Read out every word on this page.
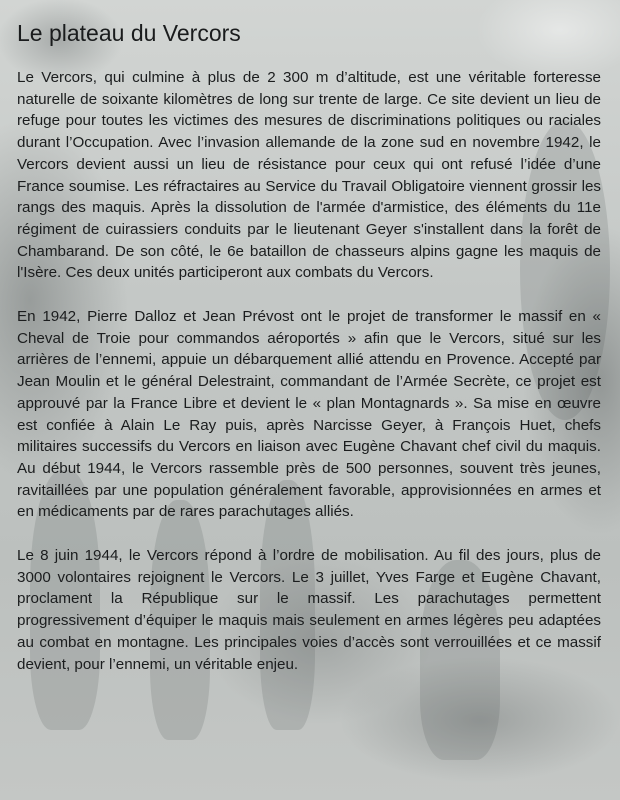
Le plateau du Vercors

Le Vercors, qui culmine à plus de 2 300 m d’altitude, est une véritable forteresse naturelle de soixante kilomètres de long sur trente de large. Ce site devient un lieu de refuge pour toutes les victimes des mesures de discriminations politiques ou raciales durant l’Occupation. Avec l’invasion allemande de la zone sud en novembre 1942, le Vercors devient aussi un lieu de résistance pour ceux qui ont refusé l’idée d’une France soumise. Les réfractaires au Service du Travail Obligatoire viennent grossir les rangs des maquis. Après la dissolution de l'armée d'armistice, des éléments du 11e régiment de cuirassiers conduits par le lieutenant Geyer s'installent dans la forêt de Chambarand. De son côté, le 6e bataillon de chasseurs alpins gagne les maquis de l'Isère. Ces deux unités participeront aux combats du Vercors.

En 1942, Pierre Dalloz et Jean Prévost ont le projet de transformer le massif en « Cheval de Troie pour commandos aéroportés » afin que le Vercors, situé sur les arrières de l’ennemi, appuie un débarquement allié attendu en Provence. Accepté par Jean Moulin et le général Delestraint, commandant de l’Armée Secrète, ce projet est approuvé par la France Libre et devient le « plan Montagnards ». Sa mise en œuvre est confiée à Alain Le Ray puis, après Narcisse Geyer, à François Huet, chefs militaires successifs du Vercors en liaison avec Eugène Chavant chef civil du maquis. Au début 1944, le Vercors rassemble près de 500 personnes, souvent très jeunes, ravitaillées par une population généralement favorable, approvisionnées en armes et en médicaments par de rares parachutages alliés.

Le 8 juin 1944, le Vercors répond à l’ordre de mobilisation. Au fil des jours, plus de 3000 volontaires rejoignent le Vercors. Le 3 juillet, Yves Farge et Eugène Chavant, proclament la République sur le massif. Les parachutages permettent progressivement d’équiper le maquis mais seulement en armes légères peu adaptées au combat en montagne. Les principales voies d’accès sont verrouillées et ce massif devient, pour l’ennemi, un véritable enjeu.
